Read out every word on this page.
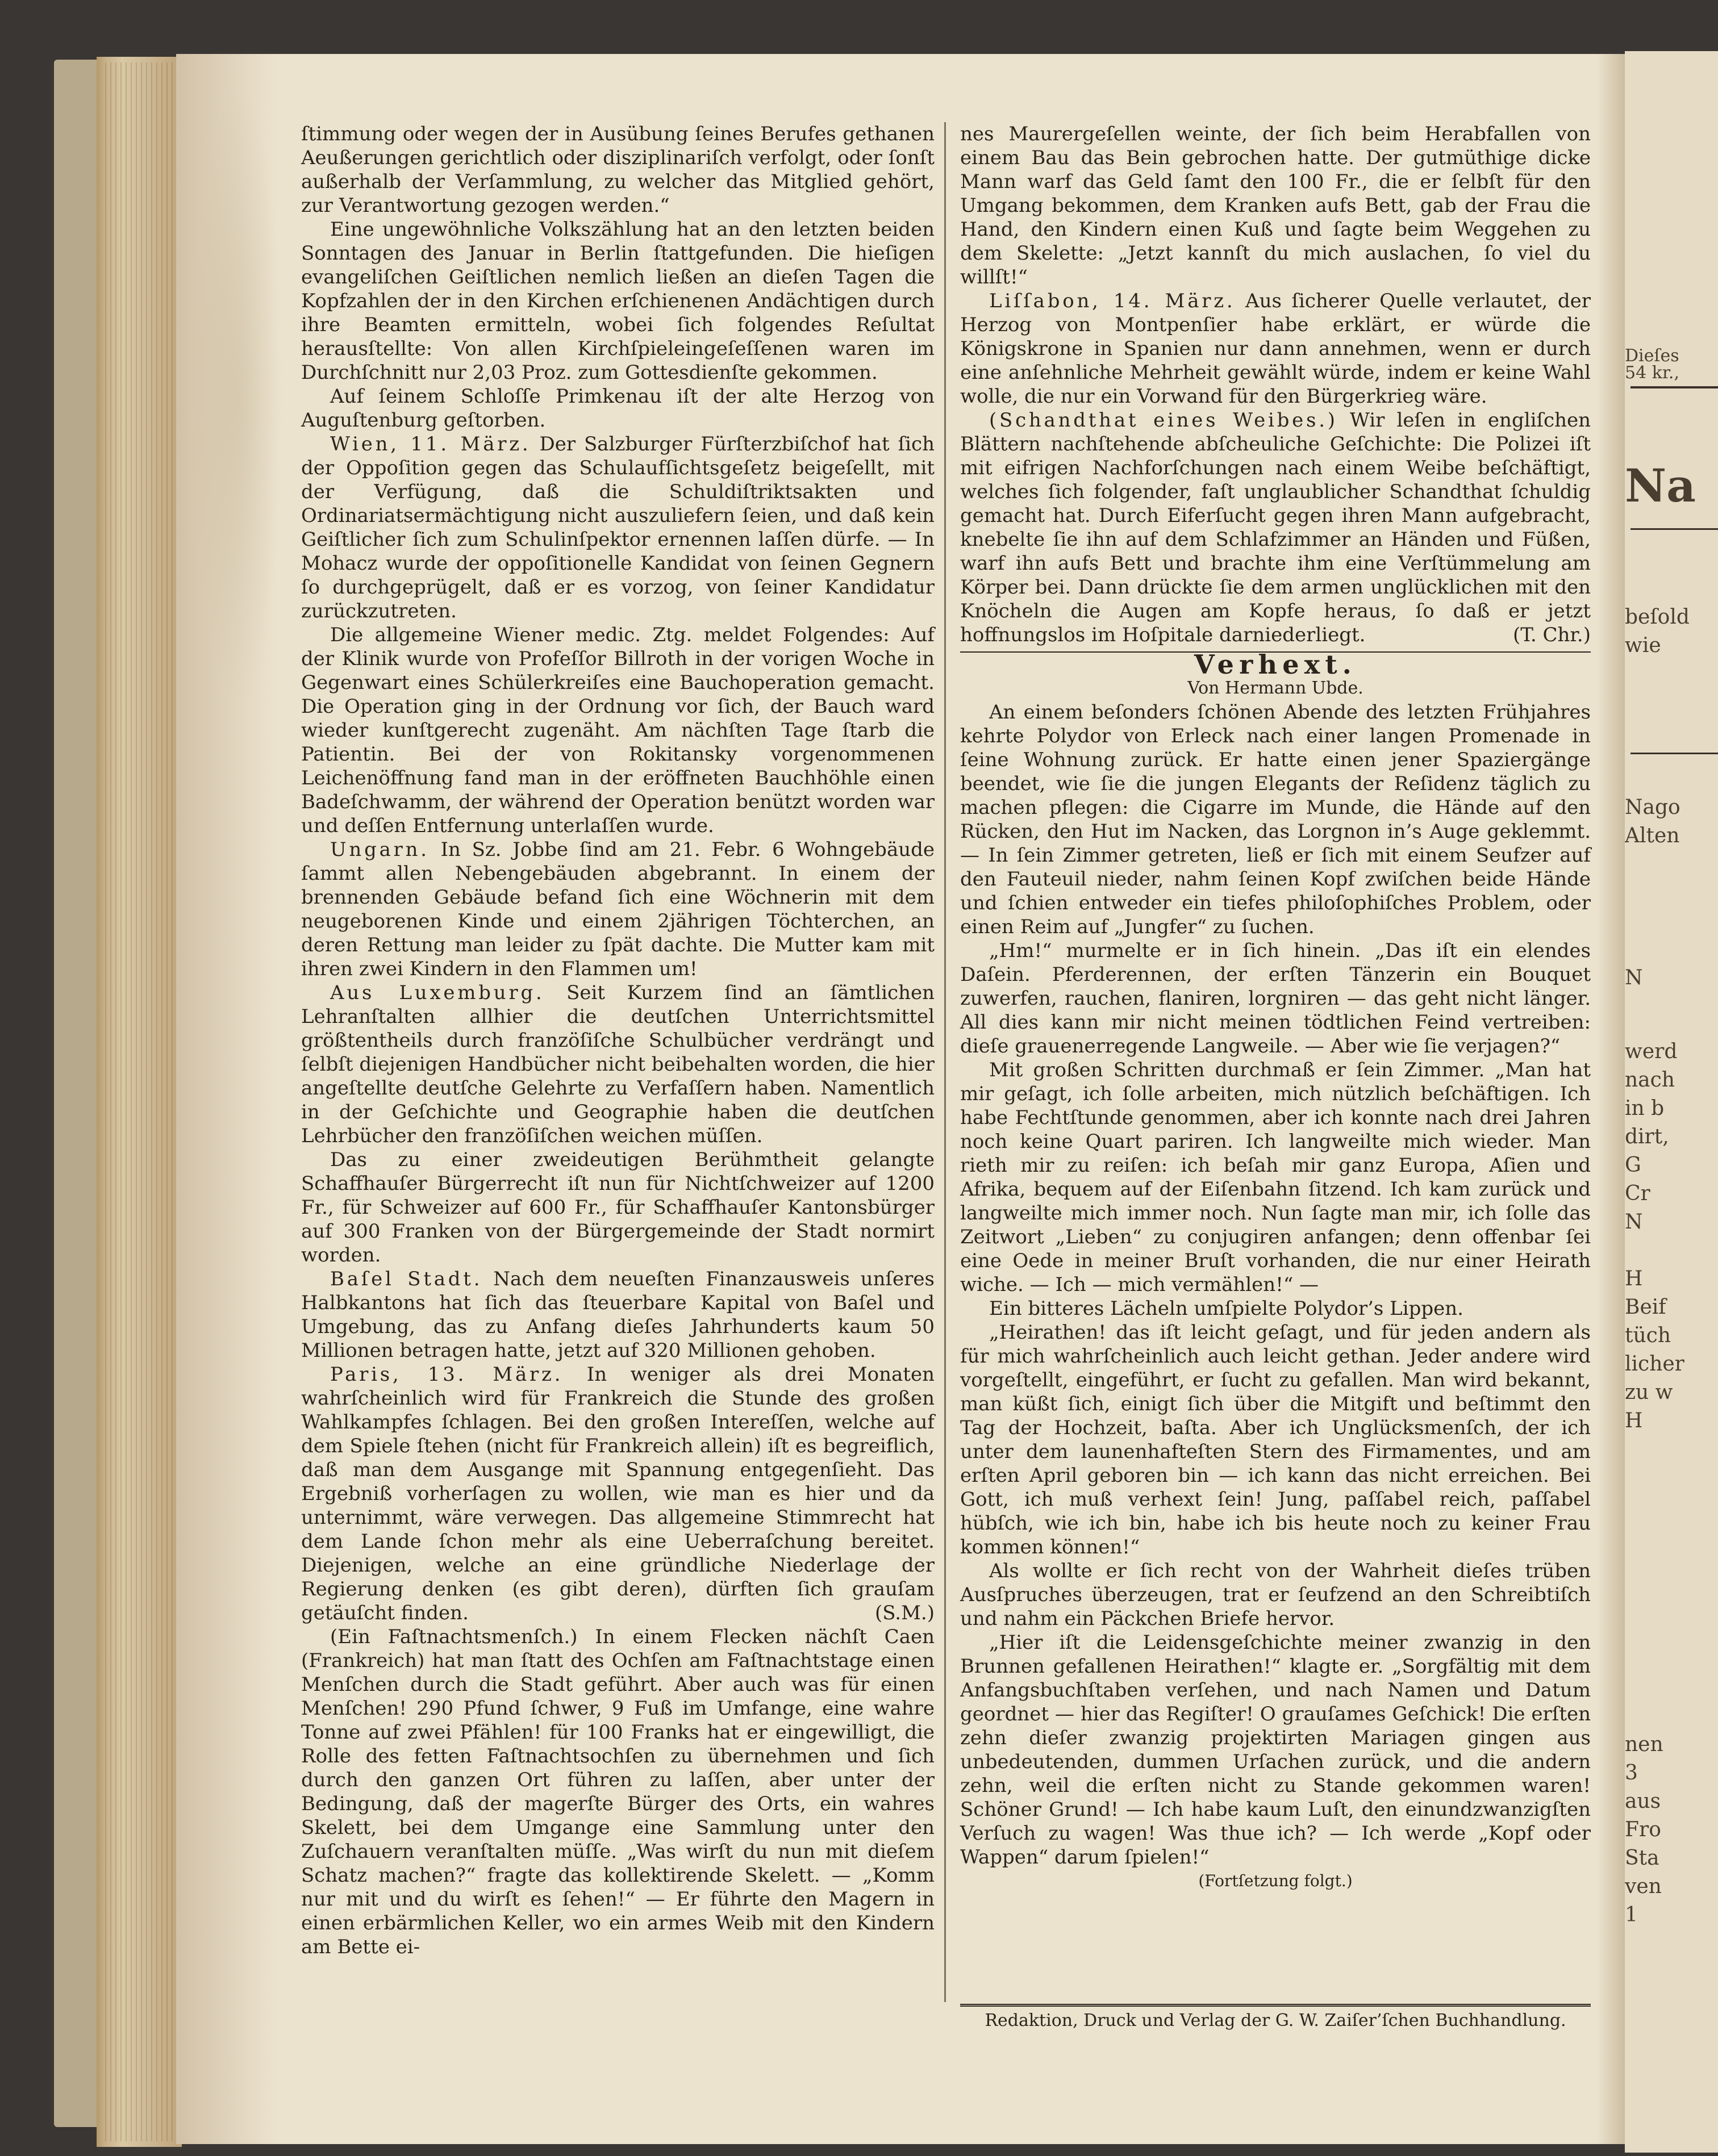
Dieſes
54 kr.,
Na
beſold
wie
Nago
Alten
N
werd
nach
in b
dirt,
G
Cr
N
H
Beif
tüch
licher
zu w
H
nen
3
aus
Fro
Sta
ven
1

ſtimmung oder wegen der in Ausübung ſeines Berufes gethanen Aeußerungen gerichtlich oder disziplinariſch verfolgt, oder ſonſt außerhalb der Verſammlung, zu welcher das Mitglied gehört, zur Verantwortung gezogen werden.“

Eine ungewöhnliche Volkszählung hat an den letzten beiden Sonntagen des Januar in Berlin ſtattgefunden. Die hieſigen evangeliſchen Geiſtlichen nemlich ließen an dieſen Tagen die Kopfzahlen der in den Kirchen erſchienenen Andächtigen durch ihre Beamten ermitteln, wobei ſich folgendes Reſultat herausſtellte: Von allen Kirchſpieleingeſeſſenen waren im Durchſchnitt nur 2,03 Proz. zum Gottesdienſte gekommen.

Auf ſeinem Schloſſe Primkenau iſt der alte Herzog von Auguſtenburg geſtorben.

Wien, 11. März. Der Salzburger Fürſterzbiſchof hat ſich der Oppoſition gegen das Schulaufſichtsgeſetz beigeſellt, mit der Verfügung, daß die Schuldiſtriktsakten und Ordinariatsermächtigung nicht auszuliefern ſeien, und daß kein Geiſtlicher ſich zum Schulinſpektor ernennen laſſen dürfe. — In Mohacz wurde der oppoſitionelle Kandidat von ſeinen Gegnern ſo durchgeprügelt, daß er es vorzog, von ſeiner Kandidatur zurückzutreten.

Die allgemeine Wiener medic. Ztg. meldet Folgendes: Auf der Klinik wurde von Profeſſor Billroth in der vorigen Woche in Gegenwart eines Schülerkreiſes eine Bauchoperation gemacht. Die Operation ging in der Ordnung vor ſich, der Bauch ward wieder kunſtgerecht zugenäht. Am nächſten Tage ſtarb die Patientin. Bei der von Rokitansky vorgenommenen Leichenöffnung fand man in der eröffneten Bauchhöhle einen Badeſchwamm, der während der Operation benützt worden war und deſſen Entfernung unterlaſſen wurde.

Ungarn. In Sz. Jobbe ſind am 21. Febr. 6 Wohngebäude ſammt allen Nebengebäuden abgebrannt. In einem der brennenden Gebäude befand ſich eine Wöchnerin mit dem neugeborenen Kinde und einem 2jährigen Töchterchen, an deren Rettung man leider zu ſpät dachte. Die Mutter kam mit ihren zwei Kindern in den Flammen um!

Aus Luxemburg. Seit Kurzem ſind an ſämtlichen Lehranſtalten allhier die deutſchen Unterrichtsmittel größtentheils durch franzöſiſche Schulbücher verdrängt und ſelbſt diejenigen Handbücher nicht beibehalten worden, die hier angeſtellte deutſche Gelehrte zu Verfaſſern haben. Namentlich in der Geſchichte und Geographie haben die deutſchen Lehrbücher den franzöſiſchen weichen müſſen.

Das zu einer zweideutigen Berühmtheit gelangte Schaffhauſer Bürgerrecht iſt nun für Nichtſchweizer auf 1200 Fr., für Schweizer auf 600 Fr., für Schaffhauſer Kantonsbürger auf 300 Franken von der Bürgergemeinde der Stadt normirt worden.

Baſel Stadt. Nach dem neueſten Finanzausweis unſeres Halbkantons hat ſich das ſteuerbare Kapital von Baſel und Umgebung, das zu Anfang dieſes Jahrhunderts kaum 50 Millionen betragen hatte, jetzt auf 320 Millionen gehoben.

Paris, 13. März. In weniger als drei Monaten wahrſcheinlich wird für Frankreich die Stunde des großen Wahlkampfes ſchlagen. Bei den großen Intereſſen, welche auf dem Spiele ſtehen (nicht für Frankreich allein) iſt es begreiflich, daß man dem Ausgange mit Spannung entgegenſieht. Das Ergebniß vorherſagen zu wollen, wie man es hier und da unternimmt, wäre verwegen. Das allgemeine Stimmrecht hat dem Lande ſchon mehr als eine Ueberraſchung bereitet. Diejenigen, welche an eine gründliche Niederlage der Regierung denken (es gibt deren), dürften ſich grauſam getäuſcht finden.	(S.M.)

(Ein Faſtnachtsmenſch.) In einem Flecken nächſt Caen (Frankreich) hat man ſtatt des Ochſen am Faſtnachtstage einen Menſchen durch die Stadt geführt. Aber auch was für einen Menſchen! 290 Pfund ſchwer, 9 Fuß im Umfange, eine wahre Tonne auf zwei Pfählen! für 100 Franks hat er eingewilligt, die Rolle des fetten Faſtnachtsochſen zu übernehmen und ſich durch den ganzen Ort führen zu laſſen, aber unter der Bedingung, daß der magerſte Bürger des Orts, ein wahres Skelett, bei dem Umgange eine Sammlung unter den Zuſchauern veranſtalten müſſe. „Was wirſt du nun mit dieſem Schatz machen?“ fragte das kollektirende Skelett. — „Komm nur mit und du wirſt es ſehen!“ — Er führte den Magern in einen erbärmlichen Keller, wo ein armes Weib mit den Kindern am Bette ei-

nes Maurergeſellen weinte, der ſich beim Herabfallen von einem Bau das Bein gebrochen hatte. Der gutmüthige dicke Mann warf das Geld ſamt den 100 Fr., die er ſelbſt für den Umgang bekommen, dem Kranken aufs Bett, gab der Frau die Hand, den Kindern einen Kuß und ſagte beim Weggehen zu dem Skelette: „Jetzt kannſt du mich auslachen, ſo viel du willſt!“

Liſſabon, 14. März. Aus ſicherer Quelle verlautet, der Herzog von Montpenſier habe erklärt, er würde die Königskrone in Spanien nur dann annehmen, wenn er durch eine anſehnliche Mehrheit gewählt würde, indem er keine Wahl wolle, die nur ein Vorwand für den Bürgerkrieg wäre.

(Schandthat eines Weibes.) Wir leſen in engliſchen Blättern nachſtehende abſcheuliche Geſchichte: Die Polizei iſt mit eifrigen Nachforſchungen nach einem Weibe beſchäftigt, welches ſich folgender, faſt unglaublicher Schandthat ſchuldig gemacht hat. Durch Eiferſucht gegen ihren Mann aufgebracht, knebelte ſie ihn auf dem Schlafzimmer an Händen und Füßen, warf ihn aufs Bett und brachte ihm eine Verſtümmelung am Körper bei. Dann drückte ſie dem armen unglücklichen mit den Knöcheln die Augen am Kopfe heraus, ſo daß er jetzt hoffnungslos im Hoſpitale darniederliegt.	(T. Chr.)

Verhext.

Von Hermann Ubde.

An einem beſonders ſchönen Abende des letzten Frühjahres kehrte Polydor von Erleck nach einer langen Promenade in ſeine Wohnung zurück. Er hatte einen jener Spaziergänge beendet, wie ſie die jungen Elegants der Reſidenz täglich zu machen pflegen: die Cigarre im Munde, die Hände auf den Rücken, den Hut im Nacken, das Lorgnon in’s Auge geklemmt. — In ſein Zimmer getreten, ließ er ſich mit einem Seufzer auf den Fauteuil nieder, nahm ſeinen Kopf zwiſchen beide Hände und ſchien entweder ein tiefes philoſophiſches Problem, oder einen Reim auf „Jungfer“ zu ſuchen.

„Hm!“ murmelte er in ſich hinein. „Das iſt ein elendes Daſein. Pferderennen, der erſten Tänzerin ein Bouquet zuwerfen, rauchen, flaniren, lorgniren — das geht nicht länger. All dies kann mir nicht meinen tödtlichen Feind vertreiben: dieſe grauenerregende Langweile. — Aber wie ſie verjagen?“

Mit großen Schritten durchmaß er ſein Zimmer. „Man hat mir geſagt, ich ſolle arbeiten, mich nützlich beſchäftigen. Ich habe Fechtſtunde genommen, aber ich konnte nach drei Jahren noch keine Quart pariren. Ich langweilte mich wieder. Man rieth mir zu reiſen: ich beſah mir ganz Europa, Aſien und Afrika, bequem auf der Eiſenbahn ſitzend. Ich kam zurück und langweilte mich immer noch. Nun ſagte man mir, ich ſolle das Zeitwort „Lieben“ zu conjugiren anfangen; denn offenbar ſei eine Oede in meiner Bruſt vorhanden, die nur einer Heirath wiche. — Ich — mich vermählen!“ —

Ein bitteres Lächeln umſpielte Polydor’s Lippen.

„Heirathen! das iſt leicht geſagt, und für jeden andern als für mich wahrſcheinlich auch leicht gethan. Jeder andere wird vorgeſtellt, eingeführt, er ſucht zu gefallen. Man wird bekannt, man küßt ſich, einigt ſich über die Mitgift und beſtimmt den Tag der Hochzeit, baſta. Aber ich Unglücksmenſch, der ich unter dem launenhafteſten Stern des Firmamentes, und am erſten April geboren bin — ich kann das nicht erreichen. Bei Gott, ich muß verhext ſein! Jung, paſſabel reich, paſſabel hübſch, wie ich bin, habe ich bis heute noch zu keiner Frau kommen können!“

Als wollte er ſich recht von der Wahrheit dieſes trüben Ausſpruches überzeugen, trat er ſeufzend an den Schreibtiſch und nahm ein Päckchen Briefe hervor.

„Hier iſt die Leidensgeſchichte meiner zwanzig in den Brunnen gefallenen Heirathen!“ klagte er. „Sorgfältig mit dem Anfangsbuchſtaben verſehen, und nach Namen und Datum geordnet — hier das Regiſter! O grauſames Geſchick! Die erſten zehn dieſer zwanzig projektirten Mariagen gingen aus unbedeutenden, dummen Urſachen zurück, und die andern zehn, weil die erſten nicht zu Stande gekommen waren! Schöner Grund! — Ich habe kaum Luſt, den einundzwanzigſten Verſuch zu wagen! Was thue ich? — Ich werde „Kopf oder Wappen“ darum ſpielen!“

(Fortſetzung folgt.)

Redaktion, Druck und Verlag der G. W. Zaiſer’ſchen Buchhandlung.
